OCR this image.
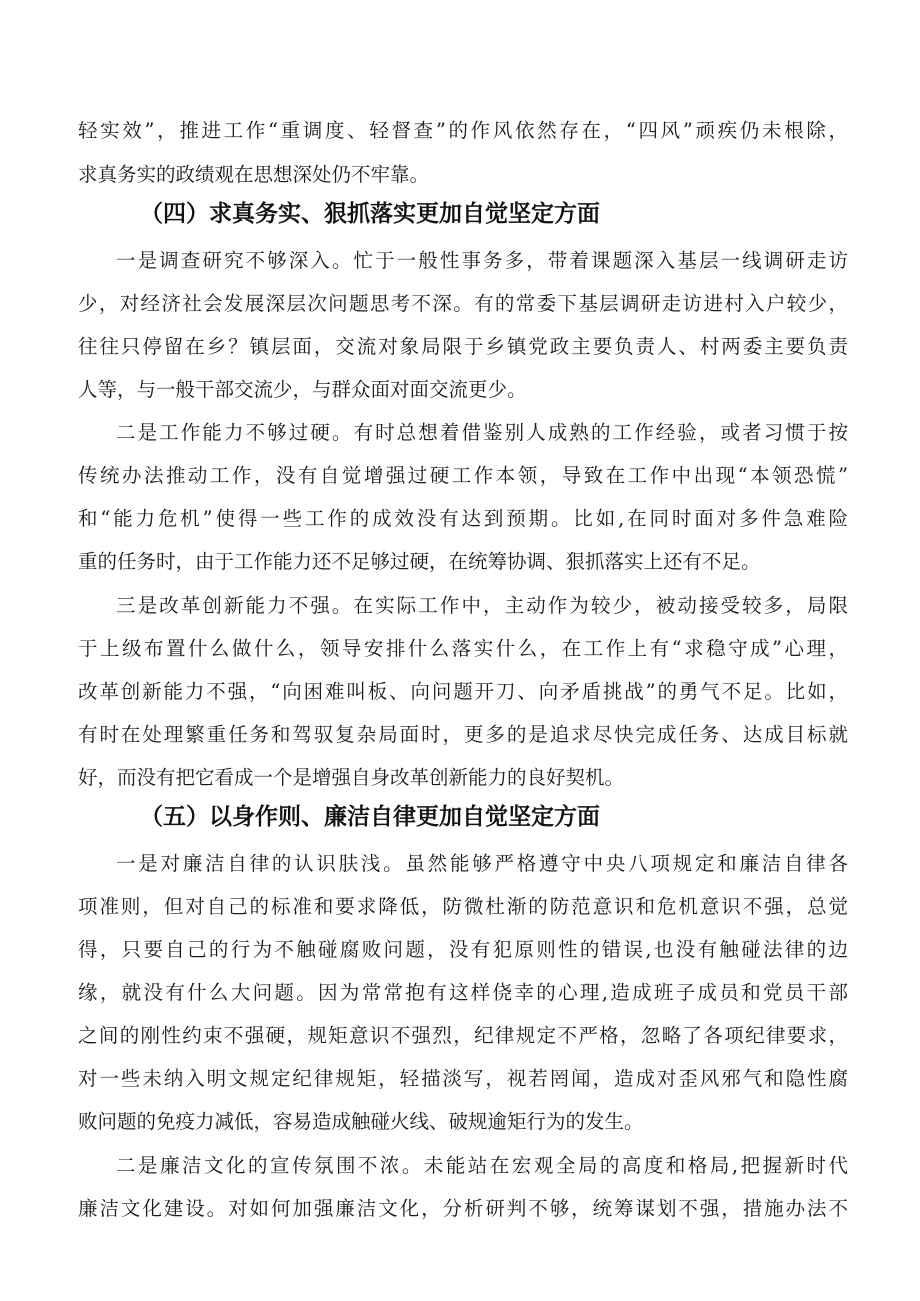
轻实效”，推进工作“重调度、轻督查”的作风依然存在，“四风”顽疾仍未根除，
求真务实的政绩观在思想深处仍不牢靠。
（四）求真务实、狠抓落实更加自觉坚定方面
一是调查研究不够深入。忙于一般性事务多，带着课题深入基层一线调研走访
少，对经济社会发展深层次问题思考不深。有的常委下基层调研走访进村入户较少，
往往只停留在乡？镇层面，交流对象局限于乡镇党政主要负责人、村两委主要负责
人等，与一般干部交流少，与群众面对面交流更少。
二是工作能力不够过硬。有时总想着借鉴别人成熟的工作经验，或者习惯于按
传统办法推动工作，没有自觉增强过硬工作本领，导致在工作中出现“本领恐慌”
和“能力危机”使得一些工作的成效没有达到预期。比如,在同时面对多件急难险
重的任务时，由于工作能力还不足够过硬，在统筹协调、狠抓落实上还有不足。
三是改革创新能力不强。在实际工作中，主动作为较少，被动接受较多，局限
于上级布置什么做什么，领导安排什么落实什么，在工作上有“求稳守成”心理，
改革创新能力不强，“向困难叫板、向问题开刀、向矛盾挑战”的勇气不足。比如，
有时在处理繁重任务和驾驭复杂局面时，更多的是追求尽快完成任务、达成目标就
好，而没有把它看成一个是增强自身改革创新能力的良好契机。
（五）以身作则、廉洁自律更加自觉坚定方面
一是对廉洁自律的认识肤浅。虽然能够严格遵守中央八项规定和廉洁自律各
项准则，但对自己的标准和要求降低，防微杜渐的防范意识和危机意识不强，总觉
得，只要自己的行为不触碰腐败问题，没有犯原则性的错误,也没有触碰法律的边
缘，就没有什么大问题。因为常常抱有这样侥幸的心理,造成班子成员和党员干部
之间的刚性约束不强硬，规矩意识不强烈，纪律规定不严格，忽略了各项纪律要求，
对一些未纳入明文规定纪律规矩，轻描淡写，视若罔闻，造成对歪风邪气和隐性腐
败问题的免疫力减低，容易造成触碰火线、破规逾矩行为的发生。
二是廉洁文化的宣传氛围不浓。未能站在宏观全局的高度和格局,把握新时代
廉洁文化建设。对如何加强廉洁文化，分析研判不够，统筹谋划不强，措施办法不
